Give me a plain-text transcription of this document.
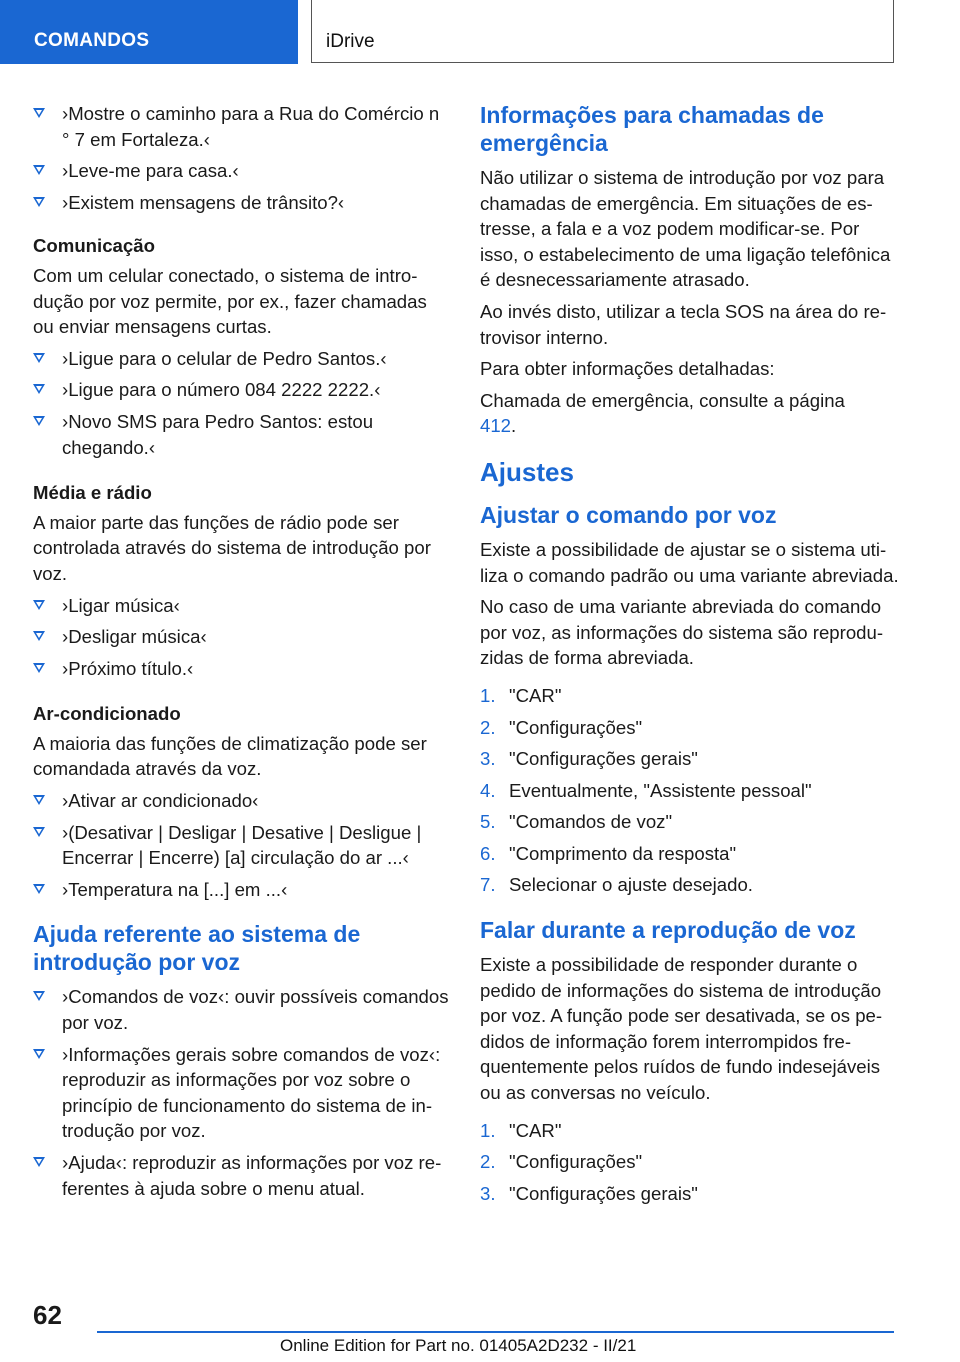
COMANDOS	iDrive
›Mostre o caminho para a Rua do Comércio n ° 7 em Fortaleza.‹
›Leve-me para casa.‹
›Existem mensagens de trânsito?‹
Comunicação

Com um celular conectado, o sistema de introdução por voz permite, por ex., fazer chamadas ou enviar mensagens curtas.

›Ligue para o celular de Pedro Santos.‹
›Ligue para o número 084 2222 2222.‹
›Novo SMS para Pedro Santos: estou chegando.‹
Média e rádio

A maior parte das funções de rádio pode ser controlada através do sistema de introdução por voz.

›Ligar música‹
›Desligar música‹
›Próximo título.‹
Ar-condicionado

A maioria das funções de climatização pode ser comandada através da voz.

›Ativar ar condicionado‹
›(Desativar | Desligar | Desative | Desligue | Encerrar | Encerre) [a] circulação do ar ...‹
›Temperatura na [...] em ...‹
Ajuda referente ao sistema de introdução por voz
›Comandos de voz‹: ouvir possíveis comandos por voz.
›Informações gerais sobre comandos de voz‹: reproduzir as informações por voz sobre o princípio de funcionamento do sistema de introdução por voz.
›Ajuda‹: reproduzir as informações por voz referentes à ajuda sobre o menu atual.
Informações para chamadas de emergência

Não utilizar o sistema de introdução por voz para chamadas de emergência. Em situações de estresse, a fala e a voz podem modificar-se. Por isso, o estabelecimento de uma ligação telefônica é desnecessariamente atrasado.

Ao invés disto, utilizar a tecla SOS na área do retrovisor interno.

Para obter informações detalhadas:

Chamada de emergência, consulte a página
412.

Ajustes
Ajustar o comando por voz

Existe a possibilidade de ajustar se o sistema utiliza o comando padrão ou uma variante abreviada.

No caso de uma variante abreviada do comando por voz, as informações do sistema são reproduzidas de forma abreviada.

1. "CAR"
2. "Configurações"
3. "Configurações gerais"
4. Eventualmente, "Assistente pessoal"
5. "Comandos de voz"
6. "Comprimento da resposta"
7. Selecionar o ajuste desejado.
Falar durante a reprodução de voz

Existe a possibilidade de responder durante o pedido de informações do sistema de introdução por voz. A função pode ser desativada, se os pedidos de informação forem interrompidos frequentemente pelos ruídos de fundo indesejáveis ou as conversas no veículo.

1. "CAR"
2. "Configurações"
3. "Configurações gerais"
62
Online Edition for Part no. 01405A2D232 - II/21
